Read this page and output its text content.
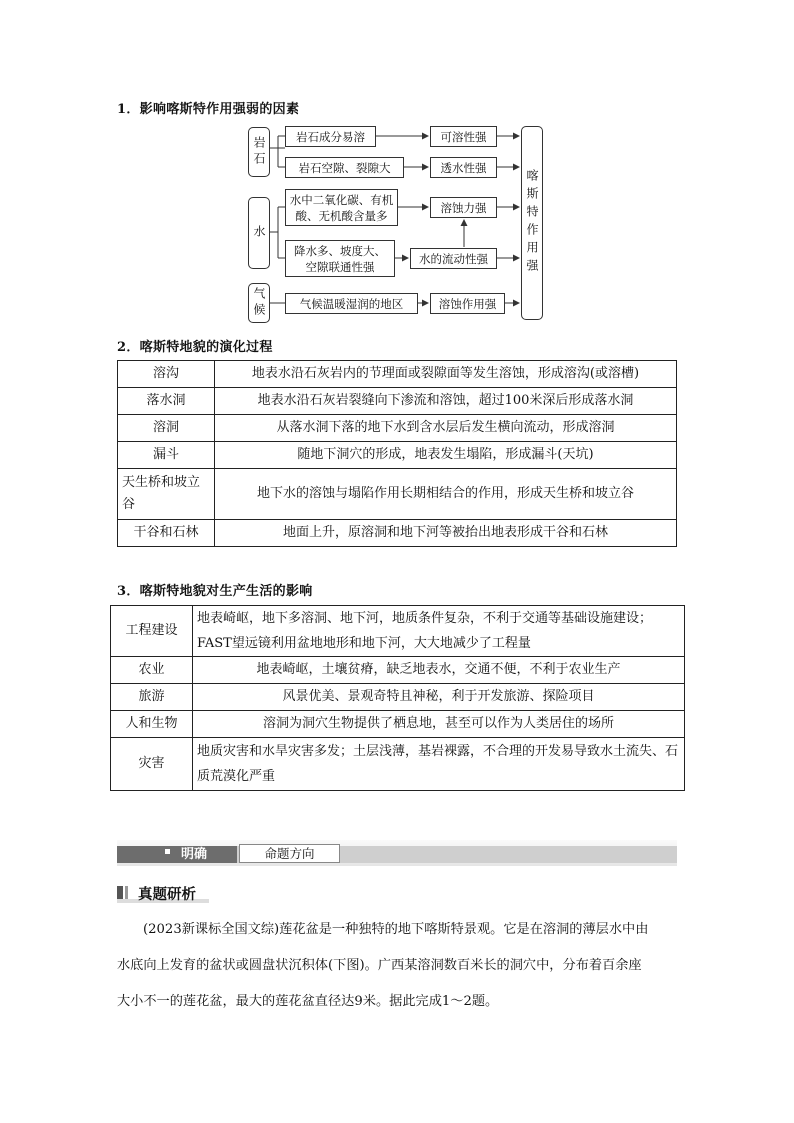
1．影响喀斯特作用强弱的因素
岩石
水
气候
岩石成分易溶
岩石空隙、裂隙大
水中二氧化碳、有机酸、无机酸含量多
降水多、坡度大、空隙联通性强
气候温暖湿润的地区
可溶性强
透水性强
溶蚀力强
水的流动性强
溶蚀作用强
喀斯特作用强
2．喀斯特地貌的演化过程
溶沟	地表水沿石灰岩内的节理面或裂隙面等发生溶蚀，形成溶沟(或溶槽)
落水洞	地表水沿石灰岩裂缝向下渗流和溶蚀，超过100米深后形成落水洞
溶洞	从落水洞下落的地下水到含水层后发生横向流动，形成溶洞
漏斗	随地下洞穴的形成，地表发生塌陷，形成漏斗(天坑)
天生桥和坡立谷	地下水的溶蚀与塌陷作用长期相结合的作用，形成天生桥和坡立谷
干谷和石林	地面上升，原溶洞和地下河等被抬出地表形成干谷和石林
3．喀斯特地貌对生产生活的影响
工程建设	地表崎岖，地下多溶洞、地下河，地质条件复杂，不利于交通等基础设施建设；FAST望远镜利用盆地地形和地下河，大大地减少了工程量
农业	地表崎岖，土壤贫瘠，缺乏地表水，交通不便，不利于农业生产
旅游	风景优美、景观奇特且神秘，利于开发旅游、探险项目
人和生物	溶洞为洞穴生物提供了栖息地，甚至可以作为人类居住的场所
灾害	地质灾害和水旱灾害多发；土层浅薄，基岩裸露，不合理的开发易导致水土流失、石质荒漠化严重
明确	命题方向
真题研析
(2023新课标全国文综)莲花盆是一种独特的地下喀斯特景观。它是在溶洞的薄层水中由
水底向上发育的盆状或圆盘状沉积体(下图)。广西某溶洞数百米长的洞穴中，分布着百余座
大小不一的莲花盆，最大的莲花盆直径达9米。据此完成1～2题。
